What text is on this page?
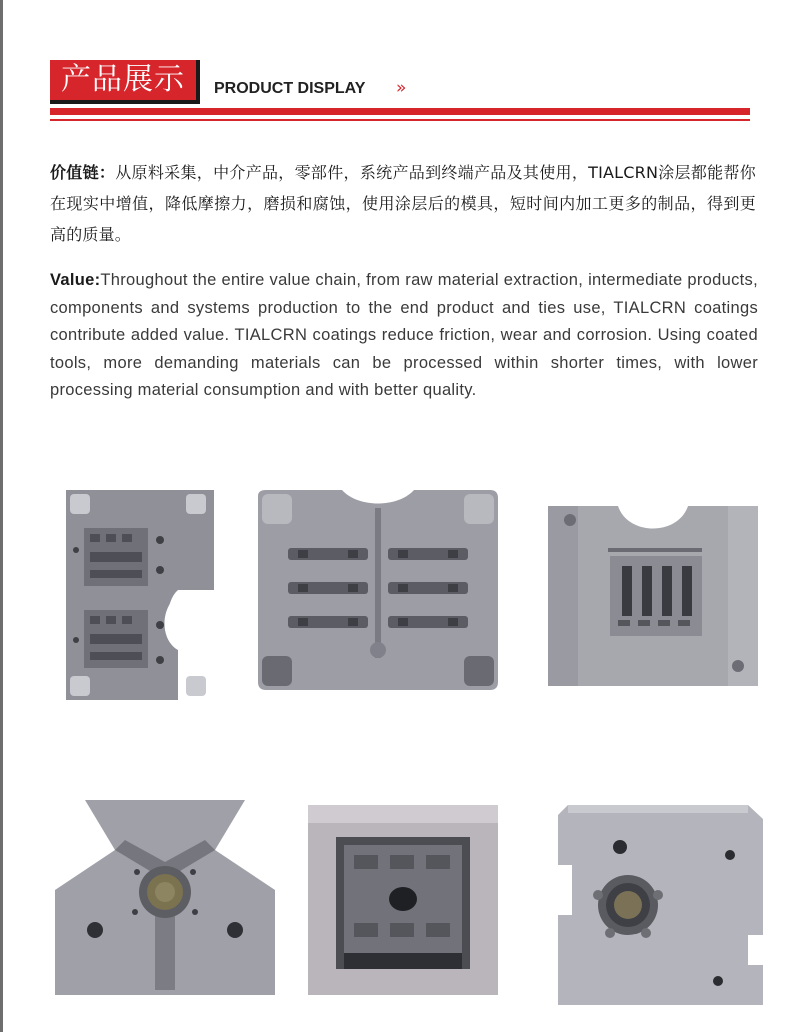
产品展示	PRODUCT DISPLAY »
价值链：从原料采集，中介产品，零部件，系统产品到终端产品及其使用，TIALCRN涂层都能帮你在现实中增值，降低摩擦力，磨损和腐蚀，使用涂层后的模具，短时间内加工更多的制品，得到更高的质量。
Value:Throughout the entire value chain, from raw material extraction, intermediate products, components and systems production to the end product and ties use, TIALCRN coatings contribute added value. TIALCRN coatings reduce friction, wear and corrosion. Using coated tools, more demanding materials can be processed within shorter times, with lower processing material consumption and with better quality.
